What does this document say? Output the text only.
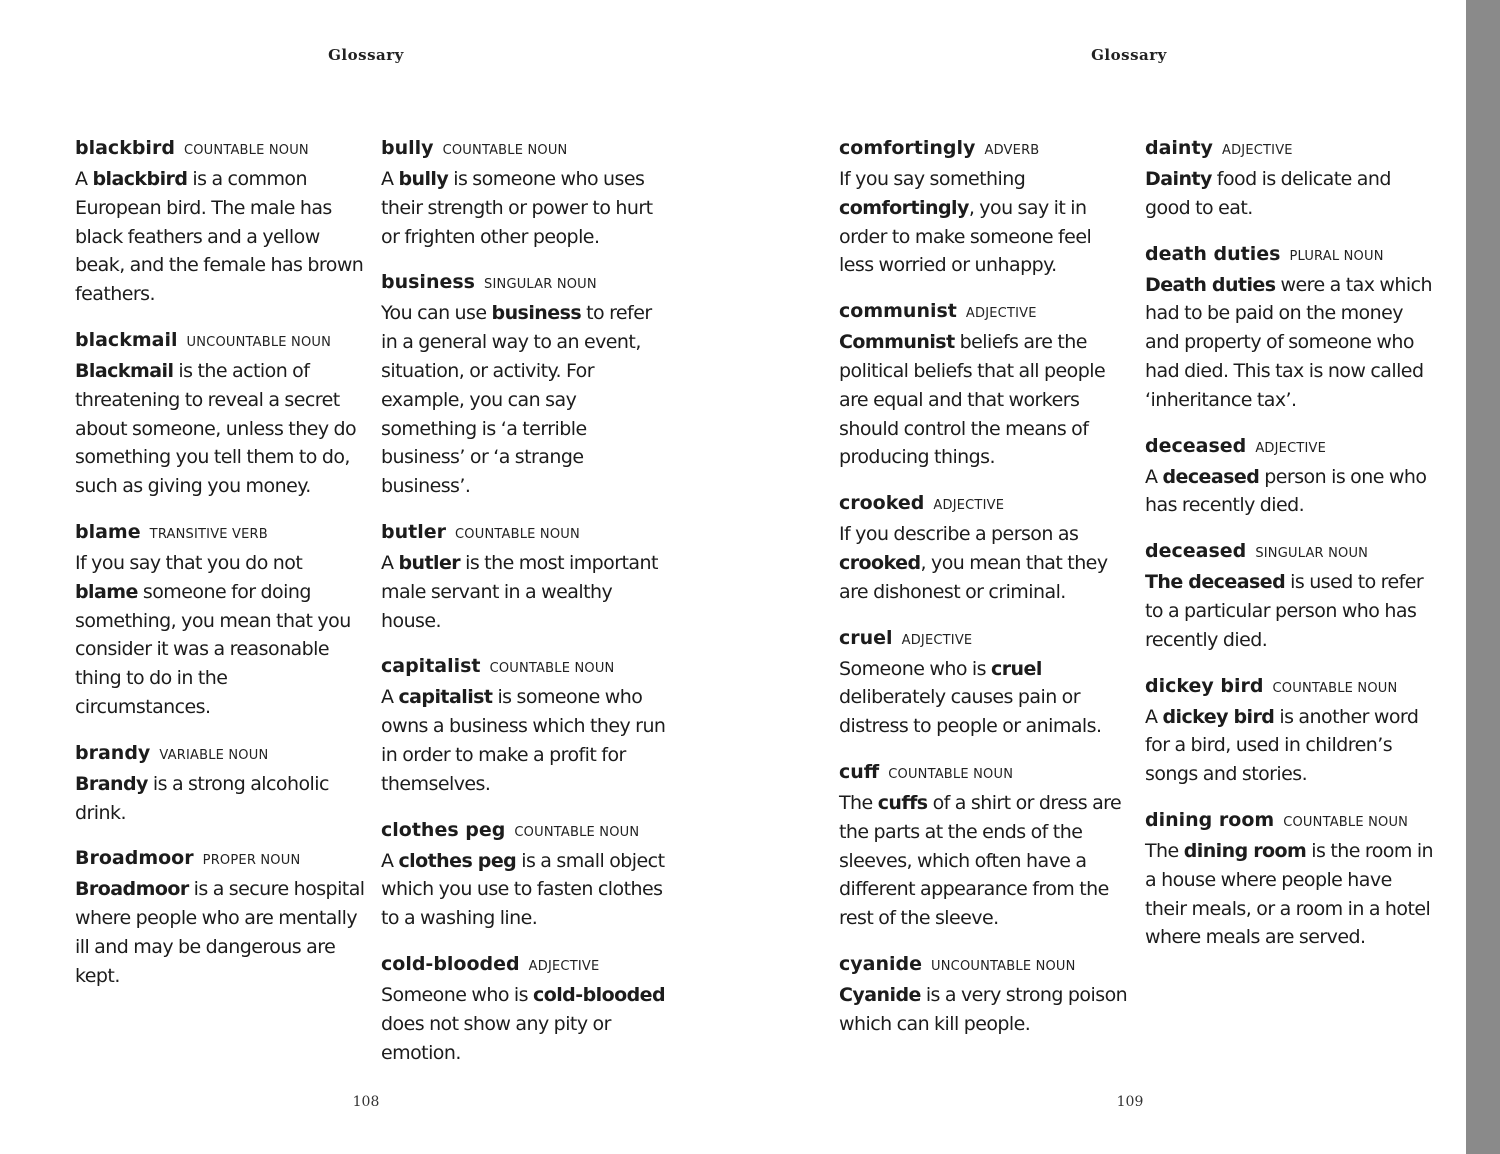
Glossary
blackbird COUNTABLE NOUN
A blackbird is a common European bird. The male has black feathers and a yellow beak, and the female has brown feathers.
blackmail UNCOUNTABLE NOUN
Blackmail is the action of threatening to reveal a secret about someone, unless they do something you tell them to do, such as giving you money.
blame TRANSITIVE VERB
If you say that you do not blame someone for doing something, you mean that you consider it was a reasonable thing to do in the circumstances.
brandy VARIABLE NOUN
Brandy is a strong alcoholic drink.
Broadmoor PROPER NOUN
Broadmoor is a secure hospital where people who are mentally ill and may be dangerous are kept.
bully COUNTABLE NOUN
A bully is someone who uses their strength or power to hurt or frighten other people.
business SINGULAR NOUN
You can use business to refer in a general way to an event, situation, or activity. For example, you can say something is ‘a terrible business’ or ‘a strange business’.
butler COUNTABLE NOUN
A butler is the most important male servant in a wealthy house.
capitalist COUNTABLE NOUN
A capitalist is someone who owns a business which they run in order to make a profit for themselves.
clothes peg COUNTABLE NOUN
A clothes peg is a small object which you use to fasten clothes to a washing line.
cold-blooded ADJECTIVE
Someone who is cold-blooded does not show any pity or emotion.
108
Glossary
comfortingly ADVERB
If you say something comfortingly, you say it in order to make someone feel less worried or unhappy.
communist ADJECTIVE
Communist beliefs are the political beliefs that all people are equal and that workers should control the means of producing things.
crooked ADJECTIVE
If you describe a person as crooked, you mean that they are dishonest or criminal.
cruel ADJECTIVE
Someone who is cruel deliberately causes pain or distress to people or animals.
cuff COUNTABLE NOUN
The cuffs of a shirt or dress are the parts at the ends of the sleeves, which often have a different appearance from the rest of the sleeve.
cyanide UNCOUNTABLE NOUN
Cyanide is a very strong poison which can kill people.
dainty ADJECTIVE
Dainty food is delicate and good to eat.
death duties PLURAL NOUN
Death duties were a tax which had to be paid on the money and property of someone who had died. This tax is now called ‘inheritance tax’.
deceased ADJECTIVE
A deceased person is one who has recently died.
deceased SINGULAR NOUN
The deceased is used to refer to a particular person who has recently died.
dickey bird COUNTABLE NOUN
A dickey bird is another word for a bird, used in children’s songs and stories.
dining room COUNTABLE NOUN
The dining room is the room in a house where people have their meals, or a room in a hotel where meals are served.
109
